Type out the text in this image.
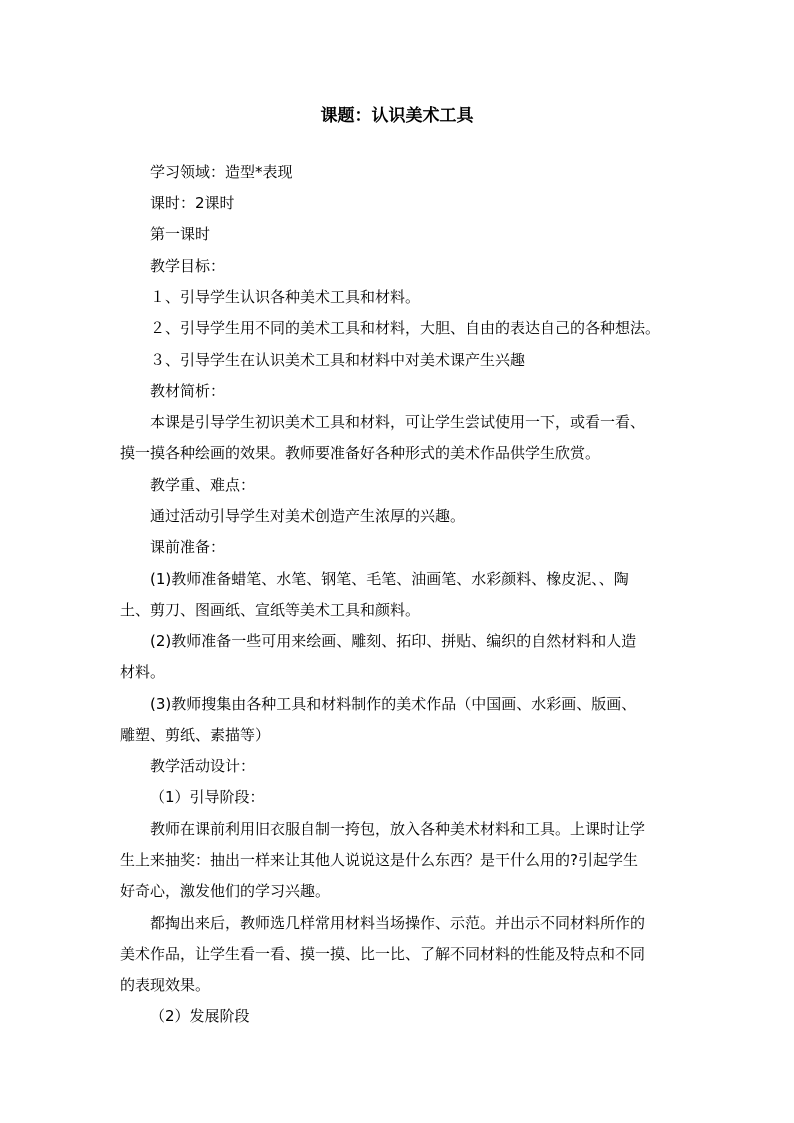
课题：认识美术工具

学习领域：造型*表现

课时：2课时

第一课时

教学目标：

１、引导学生认识各种美术工具和材料。

２、引导学生用不同的美术工具和材料，大胆、自由的表达自己的各种想法。

３、引导学生在认识美术工具和材料中对美术课产生兴趣

教材简析：

本课是引导学生初识美术工具和材料，可让学生尝试使用一下，或看一看、

摸一摸各种绘画的效果。教师要准备好各种形式的美术作品供学生欣赏。

教学重、难点：

通过活动引导学生对美术创造产生浓厚的兴趣。

课前准备：

(1)教师准备蜡笔、水笔、钢笔、毛笔、油画笔、水彩颜料、橡皮泥、、陶

土、剪刀、图画纸、宣纸等美术工具和颜料。

(2)教师准备一些可用来绘画、雕刻、拓印、拼贴、编织的自然材料和人造

材料。

(3)教师搜集由各种工具和材料制作的美术作品（中国画、水彩画、版画、

雕塑、剪纸、素描等）

教学活动设计：

（1）引导阶段：

教师在课前利用旧衣服自制一挎包，放入各种美术材料和工具。上课时让学

生上来抽奖：抽出一样来让其他人说说这是什么东西？是干什么用的?引起学生

好奇心，激发他们的学习兴趣。

都掏出来后，教师选几样常用材料当场操作、示范。并出示不同材料所作的

美术作品，让学生看一看、摸一摸、比一比、了解不同材料的性能及特点和不同

的表现效果。

（2）发展阶段
